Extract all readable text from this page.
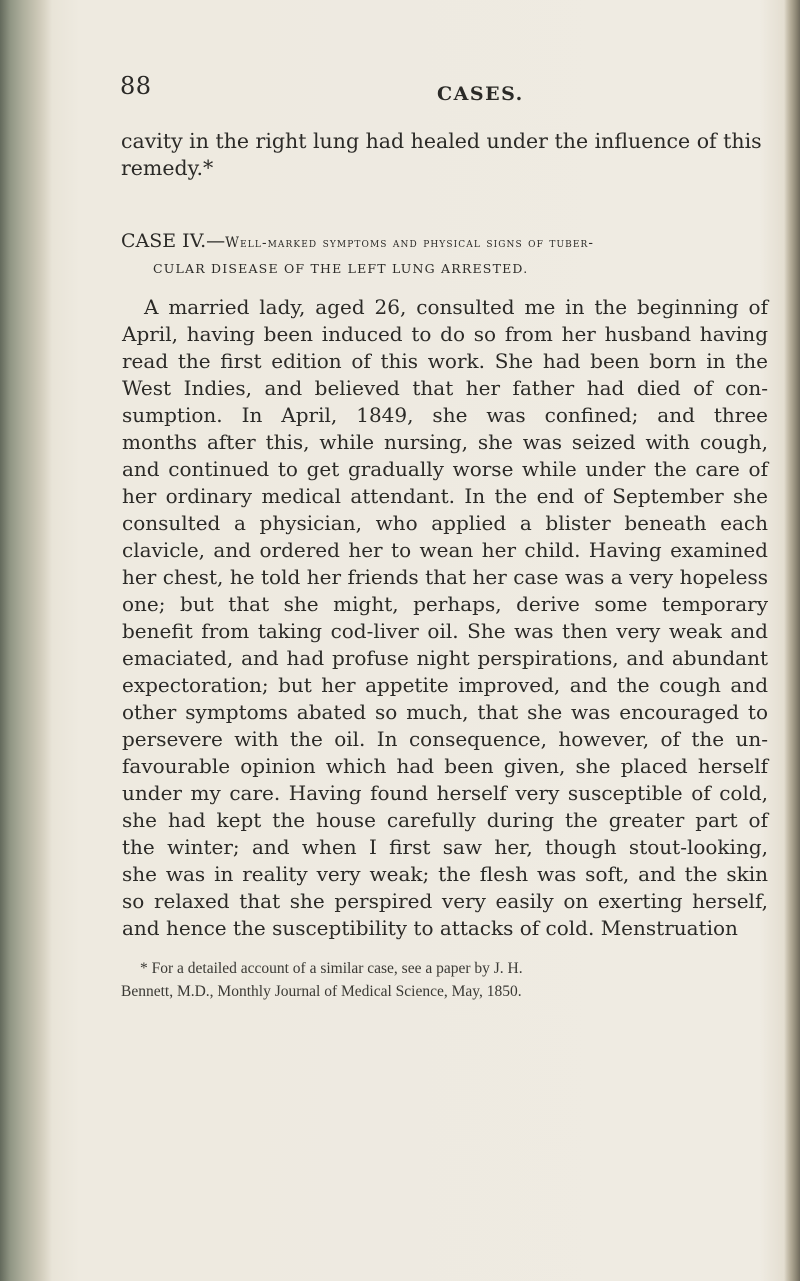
88	CASES.
cavity in the right lung had healed under the influence of this
remedy.*
CASE IV.—Well-marked symptoms and physical signs of tuber-
CULAR DISEASE OF THE LEFT LUNG ARRESTED.
A married lady, aged 26, consulted me in the beginning of
April, having been induced to do so from her husband having
read the first edition of this work. She had been born in the
West Indies, and believed that her father had died of con-
sumption. In April, 1849, she was confined; and three
months after this, while nursing, she was seized with cough,
and continued to get gradually worse while under the care of
her ordinary medical attendant. In the end of September she
consulted a physician, who applied a blister beneath each
clavicle, and ordered her to wean her child. Having examined
her chest, he told her friends that her case was a very hopeless
one; but that she might, perhaps, derive some temporary
benefit from taking cod-liver oil. She was then very weak and
emaciated, and had profuse night perspirations, and abundant
expectoration; but her appetite improved, and the cough and
other symptoms abated so much, that she was encouraged to
persevere with the oil. In consequence, however, of the un-
favourable opinion which had been given, she placed herself
under my care. Having found herself very susceptible of cold,
she had kept the house carefully during the greater part of
the winter; and when I first saw her, though stout-looking,
she was in reality very weak; the flesh was soft, and the skin
so relaxed that she perspired very easily on exerting herself,
and hence the susceptibility to attacks of cold. Menstruation
* For a detailed account of a similar case, see a paper by J. H.
Bennett, M.D., Monthly Journal of Medical Science, May, 1850.
